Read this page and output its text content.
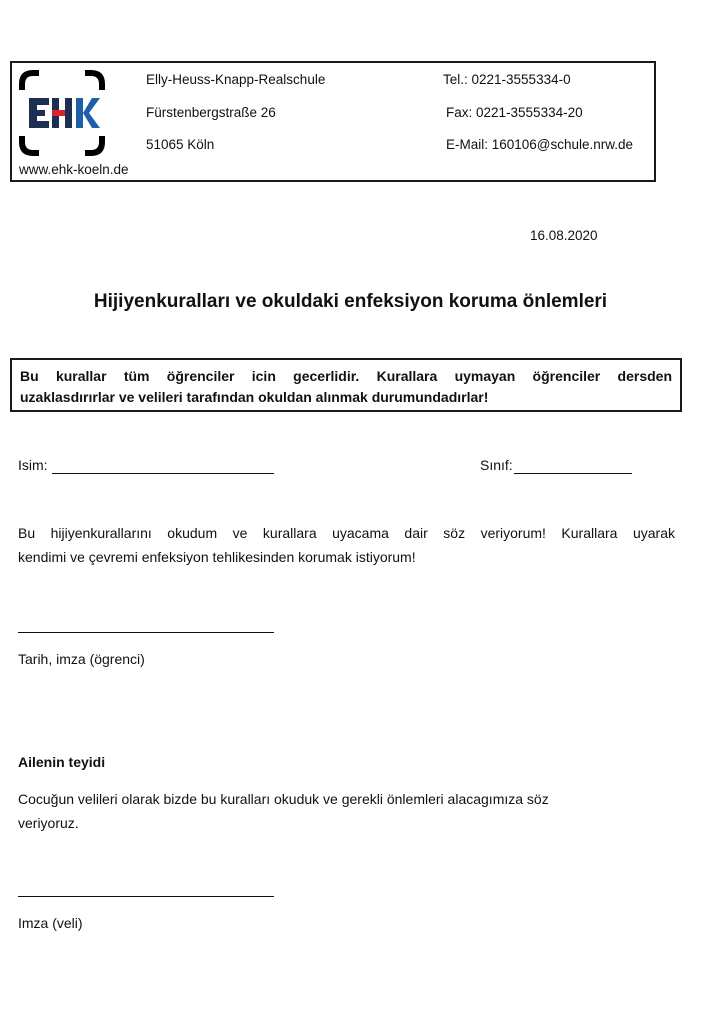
Elly-Heuss-Knapp-Realschule
Fürstenbergstraße 26
51065 Köln
Tel.: 0221-3555334-0
Fax: 0221-3555334-20
E-Mail: 160106@schule.nrw.de
www.ehk-koeln.de
16.08.2020
Hijiyenkuralları ve okuldaki enfeksiyon koruma önlemleri
Bu kurallar tüm öğrenciler icin gecerlidir. Kurallara uymayan öğrenciler dersden
uzaklasdırırlar ve velileri tarafından okuldan alınmak durumundadırlar!
Isim:	Sınıf:
Bu hijiyenkurallarını okudum ve kurallara uyacama dair söz veriyorum! Kurallara uyarak
kendimi ve çevremi enfeksiyon tehlikesinden korumak istiyorum!
Tarih, imza (ögrenci)
Ailenin teyidi
Cocuğun velileri olarak bizde bu kuralları okuduk ve gerekli önlemleri alacagımıza söz
veriyoruz.
Imza (veli)
